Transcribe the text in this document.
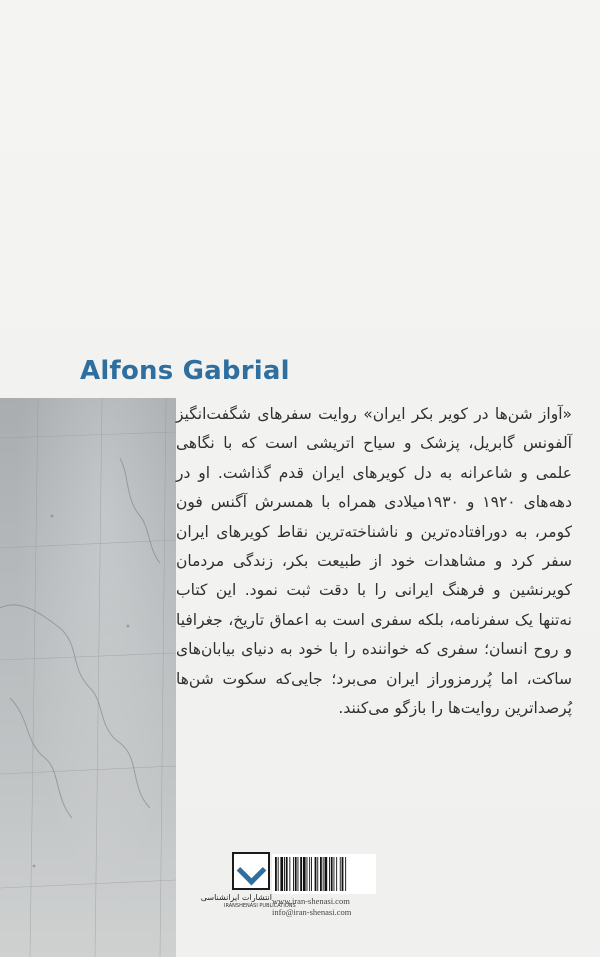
Alfons Gabrial
«آواز شن‌ها در کویر بکر ایران» روایت سفرهای شگفت‌انگیز آلفونس گابریل، پزشک و سیاح اتریشی است که با نگاهی علمی و شاعرانه به دل کویرهای ایران قدم گذاشت. او در دهه‌های ۱۹۲۰ و ۱۹۳۰میلادی همراه با همسرش آگنس فون کومر، به دورافتاده‌ترین و ناشناخته‌ترین نقاط کویرهای ایران سفر کرد و مشاهدات خود از طبیعت بکر، زندگی مردمان کویرنشین و فرهنگ ایرانی را با دقت ثبت نمود. این کتاب نه‌تنها یک سفرنامه، بلکه سفری است به اعماق تاریخ، جغرافیا و روح انسان؛ سفری که خواننده را با خود به دنیای بیابان‌های ساکت، اما پُررمزوراز ایران می‌برد؛ جایی‌که سکوت شن‌ها پُرصداترین روایت‌ها را بازگو می‌کنند.
انتشارات ایرانشناسی
IRANSHENASI PUBLICATIONS
www.iran-shenasi.com
info@iran-shenasi.com
